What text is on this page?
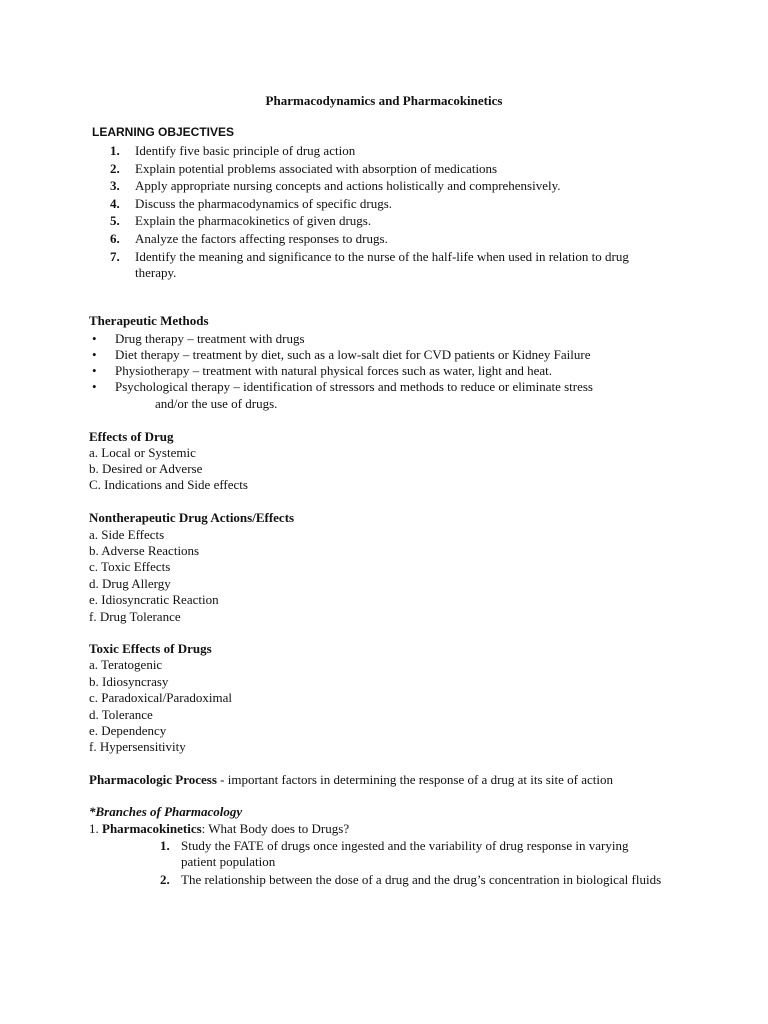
Pharmacodynamics and Pharmacokinetics
LEARNING OBJECTIVES
1. Identify five basic principle of drug action
2. Explain potential problems associated with absorption of medications
3. Apply appropriate nursing concepts and actions holistically and comprehensively.
4. Discuss the pharmacodynamics of specific drugs.
5. Explain the pharmacokinetics of given drugs.
6. Analyze the factors affecting responses to drugs.
7. Identify the meaning and significance to the nurse of the half-life when used in relation to drug therapy.
Therapeutic Methods
• Drug therapy – treatment with drugs
• Diet therapy – treatment by diet, such as a low-salt diet for CVD patients or Kidney Failure
• Physiotherapy – treatment with natural physical forces such as water, light and heat.
• Psychological therapy – identification of stressors and methods to reduce or eliminate stress
and/or the use of drugs.
Effects of Drug
a. Local or Systemic
b. Desired or Adverse
C. Indications and Side effects
Nontherapeutic Drug Actions/Effects
a. Side Effects
b. Adverse Reactions
c. Toxic Effects
d. Drug Allergy
e. Idiosyncratic Reaction
f. Drug Tolerance
Toxic Effects of Drugs
a. Teratogenic
b. Idiosyncrasy
c. Paradoxical/Paradoximal
d. Tolerance
e. Dependency
f. Hypersensitivity
Pharmacologic Process - important factors in determining the response of a drug at its site of action
*Branches of Pharmacology
1. Pharmacokinetics: What Body does to Drugs?
1. Study the FATE of drugs once ingested and the variability of drug response in varying patient population
2. The relationship between the dose of a drug and the drug’s concentration in biological fluids
